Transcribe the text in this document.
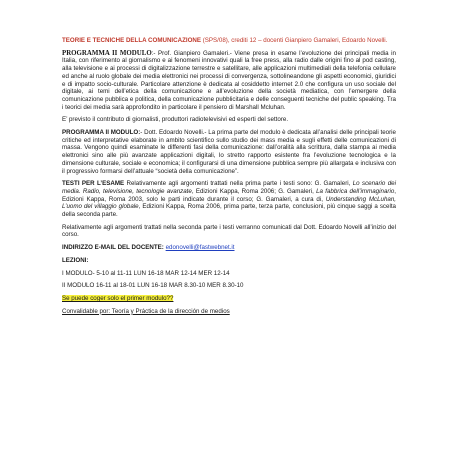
TEORIE E TECNICHE DELLA COMUNICAZIONE (SPS/08), crediti 12 – docenti Gianpiero Gamaleri, Edoardo Novelli.

PROGRAMMA II MODULO:- Prof. Gianpiero Gamaleri.- Viene presa in esame l’evoluzione dei principali media in Italia, con riferimento al giornalismo e ai fenomeni innovativi quali la free press, alla radio dalle origini fino al pod casting, alla televisione e ai processi di digitalizzazione terrestre e satellitare, alle applicazioni multimediali della telefonia cellulare ed anche al ruolo globale dei media elettronici nei processi di convergenza, sottolineandone gli aspetti economici, giuridici e di impatto socio-culturale. Particolare attenzione è dedicata al cosiddetto internet 2.0 che configura un uso sociale del digitale, ai temi dell’etica della comunicazione e all’evoluzione della società mediatica, con l’emergere della comunicazione pubblica e politica, della comunicazione pubblicitaria e delle conseguenti tecniche del public speaking. Tra i teorici dei media sarà approfondito in particolare il pensiero di Marshall Mcluhan.

E’ previsto il contributo di giornalisti, produttori radiotelevisivi ed esperti del settore.

PROGRAMMA II MODULO:- Dott. Edoardo Novelli.- La prima parte del modulo è dedicata all’analisi delle principali teorie critiche ed interpretative elaborate in ambito scientifico sullo studio dei mass media e sugli effetti delle comunicazioni di massa. Vengono quindi esaminate le differenti fasi della comunicazione: dall’oralità alla scrittura, dalla stampa ai media elettronici sino alle più avanzate applicazioni digitali, lo stretto rapporto esistente fra l’evoluzione tecnologica e la dimensione culturale, sociale e economica; il configurarsi di una dimensione pubblica sempre più allargata e inclusiva con il progressivo formarsi dell’attuale “società della comunicazione”.

TESTI PER L’ESAME Relativamente agli argomenti trattati nella prima parte i testi sono: G. Gamaleri, Lo scenario dei media. Radio, televisione, tecnologie avanzate, Edizioni Kappa, Roma 2006; G. Gamaleri, La fabbrica dell’immaginario, Edizioni Kappa, Roma 2003, solo le parti indicate durante il corso; G. Gamaleri, a cura di, Understanding McLuhan, L’uomo del villaggio globale, Edizioni Kappa, Roma 2006, prima parte, terza parte, conclusioni, più cinque saggi a scelta della seconda parte.

Relativamente agli argomenti trattati nella seconda parte i testi verranno comunicati dal Dott. Edoardo Novelli all’inizio del corso.

INDIRIZZO E-MAIL DEL DOCENTE: edonovelli@fastwebnet.it

LEZIONI:

I MODULO- 5-10 al 11-11 LUN 16-18 MAR 12-14 MER 12-14

II MODULO 16-11 al 18-01 LUN 16-18 MAR 8.30-10 MER 8.30-10

Se puede coger solo el primer modulo??

Convalidable por: Teoría y Práctica de la dirección de medios
